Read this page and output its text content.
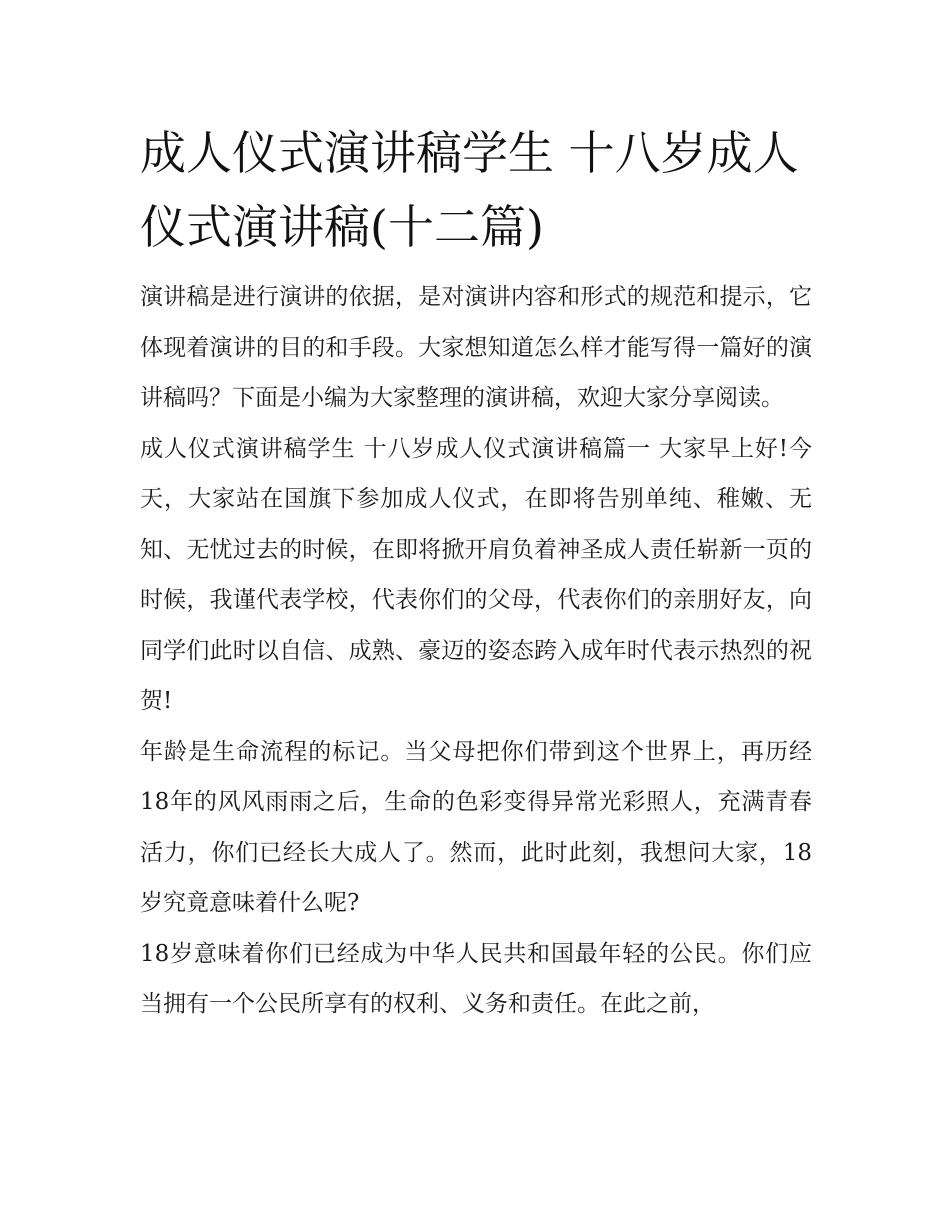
成人仪式演讲稿学生 十八岁成人仪式演讲稿(十二篇)

演讲稿是进行演讲的依据，是对演讲内容和形式的规范和提示，它体现着演讲的目的和手段。大家想知道怎么样才能写得一篇好的演讲稿吗？下面是小编为大家整理的演讲稿，欢迎大家分享阅读。

成人仪式演讲稿学生 十八岁成人仪式演讲稿篇一 大家早上好!今天，大家站在国旗下参加成人仪式，在即将告别单纯、稚嫩、无知、无忧过去的时候，在即将掀开肩负着神圣成人责任崭新一页的时候，我谨代表学校，代表你们的父母，代表你们的亲朋好友，向同学们此时以自信、成熟、豪迈的姿态跨入成年时代表示热烈的祝贺!

年龄是生命流程的标记。当父母把你们带到这个世界上，再历经18年的风风雨雨之后，生命的色彩变得异常光彩照人，充满青春活力，你们已经长大成人了。然而，此时此刻，我想问大家，18岁究竟意味着什么呢?

18岁意味着你们已经成为中华人民共和国最年轻的公民。你们应当拥有一个公民所享有的权利、义务和责任。在此之前，
